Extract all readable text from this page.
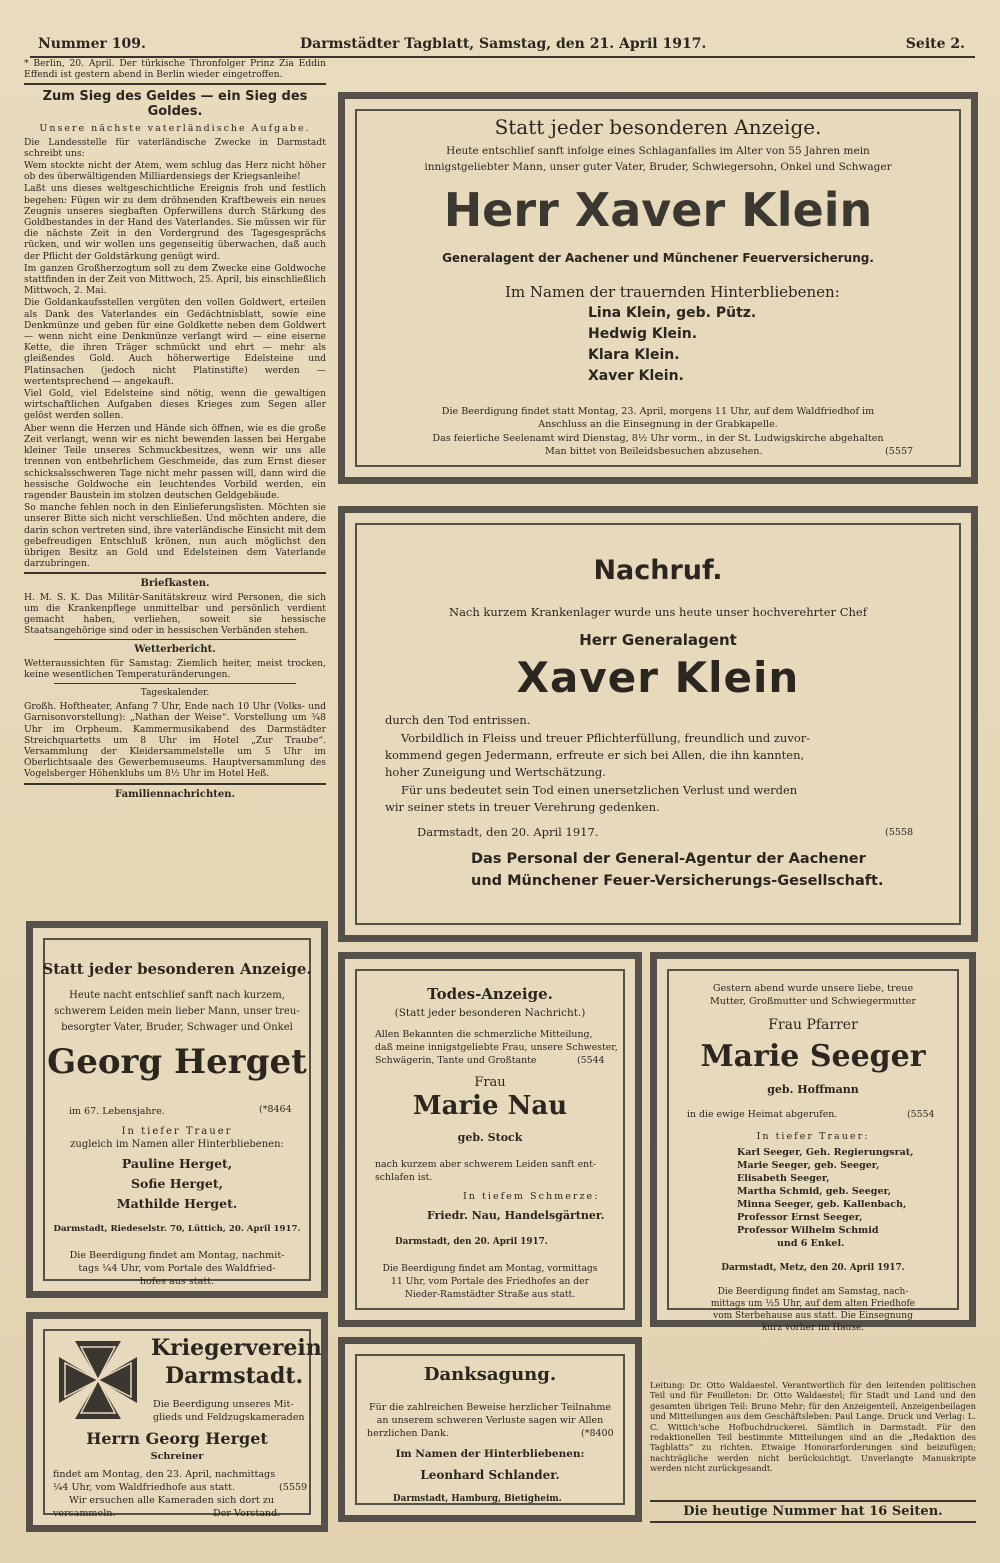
Nummer 109.	Darmstädter Tagblatt, Samstag, den 21. April 1917.	Seite 2.

* Berlin, 20. April. Der türkische Thronfolger Prinz Zia Eddin Effendi ist gestern abend in Berlin wieder eingetroffen.

Zum Sieg des Geldes — ein Sieg des Goldes.
Unsere nächste vaterländische Aufgabe.

Die Landesstelle für vaterländische Zwecke in Darmstadt schreibt uns:

Wem stockte nicht der Atem, wem schlug das Herz nicht höher ob des überwältigenden Milliardensiegs der Kriegsanleihe!

Laßt uns dieses weltgeschichtliche Ereignis froh und festlich begehen: Fügen wir zu dem dröhnenden Kraftbeweis ein neues Zeugnis unseres siegbaften Opferwillens durch Stärkung des Goldbestandes in der Hand des Vaterlandes. Sie müssen wir für die nächste Zeit in den Vordergrund des Tagesgesprächs rücken, und wir wollen uns gegenseitig überwachen, daß auch der Pflicht der Goldstärkung genügt wird.

Im ganzen Großherzogtum soll zu dem Zwecke eine Goldwoche stattfinden in der Zeit von Mittwoch, 25. April, bis einschließlich Mittwoch, 2. Mai.

Die Goldankaufsstellen vergüten den vollen Goldwert, erteilen als Dank des Vaterlandes ein Gedächtnisblatt, sowie eine Denkmünze und geben für eine Goldkette neben dem Goldwert — wenn nicht eine Denkmünze verlangt wird — eine eiserne Kette, die ihren Träger schmückt und ehrt — mehr als gleißendes Gold. Auch höherwertige Edelsteine und Platinsachen (jedoch nicht Platinstifte) werden — wertentsprechend — angekauft.

Viel Gold, viel Edelsteine sind nötig, wenn die gewaltigen wirtschaftlichen Aufgaben dieses Krieges zum Segen aller gelöst werden sollen.

Aber wenn die Herzen und Hände sich öffnen, wie es die große Zeit verlangt, wenn wir es nicht bewenden lassen bei Hergabe kleiner Teile unseres Schmuckbesitzes, wenn wir uns alle trennen von entbehrlichem Geschmeide, das zum Ernst dieser schicksalsschweren Tage nicht mehr passen will, dann wird die hessische Goldwoche ein leuchtendes Vorbild werden, ein ragender Baustein im stolzen deutschen Geldgebäude.

So manche fehlen noch in den Einlieferungslisten. Möchten sie unserer Bitte sich nicht verschließen. Und möchten andere, die darin schon vertreten sind, ihre vaterländische Einsicht mit dem gebefreudigen Entschluß krönen, nun auch möglichst den übrigen Besitz an Gold und Edelsteinen dem Vaterlande darzubringen.

Briefkasten.

H. M. S. K. Das Militär-Sanitätskreuz wird Personen, die sich um die Krankenpflege unmittelbar und persönlich verdient gemacht haben, verliehen, soweit sie hessische Staatsangehörige sind oder in hessischen Verbänden stehen.

Wetterbericht.

Wetteraussichten für Samstag: Ziemlich heiter, meist trocken, keine wesentlichen Temperaturänderungen.

Tageskalender.

Großh. Hoftheater, Anfang 7 Uhr, Ende nach 10 Uhr (Volks- und Garnisonvorstellung): „Nathan der Weise“. Vorstellung um ¾8 Uhr im Orpheum. Kammermusikabend des Darmstädter Streichquartetts um 8 Uhr im Hotel „Zur Traube“. Versammlung der Kleidersammelstelle um 5 Uhr im Oberlichtsaale des Gewerbemuseums. Hauptversammlung des Vogelsberger Höhenklubs um 8½ Uhr im Hotel Heß.

Familiennachrichten.
Statt jeder besonderen Anzeige.
Heute entschlief sanft infolge eines Schlaganfalles im Alter von 55 Jahren mein
innigstgeliebter Mann, unser guter Vater, Bruder, Schwiegersohn, Onkel und Schwager
Herr Xaver Klein
Generalagent der Aachener und Münchener Feuerversicherung.
Im Namen der trauernden Hinterbliebenen:
Lina Klein, geb. Pütz.
Hedwig Klein.
Klara Klein.
Xaver Klein.
Die Beerdigung findet statt Montag, 23. April, morgens 11 Uhr, auf dem Waldfriedhof im
Anschluss an die Einsegnung in der Grabkapelle.
Das feierliche Seelenamt wird Dienstag, 8½ Uhr vorm., in der St. Ludwigskirche abgehalten
Man bittet von Beileidsbesuchen abzusehen.	(5557
Nachruf.
Nach kurzem Krankenlager wurde uns heute unser hochverehrter Chef
Herr Generalagent
Xaver Klein
durch den Tod entrissen.
Vorbildlich in Fleiss und treuer Pflichterfüllung, freundlich und zuvor-
kommend gegen Jedermann, erfreute er sich bei Allen, die ihn kannten,
hoher Zuneigung und Wertschätzung.
Für uns bedeutet sein Tod einen unersetzlichen Verlust und werden
wir seiner stets in treuer Verehrung gedenken.
Darmstadt, den 20. April 1917.	(5558
Das Personal der General-Agentur der Aachener
und Münchener Feuer-Versicherungs-Gesellschaft.
Statt jeder besonderen Anzeige.
Heute nacht entschlief sanft nach kurzem,
schwerem Leiden mein lieber Mann, unser treu-
besorgter Vater, Bruder, Schwager und Onkel
Georg Herget
im 67. Lebensjahre.	(*8464
In tiefer Trauer
zugleich im Namen aller Hinterbliebenen:
Pauline Herget,
Sofie Herget,
Mathilde Herget.
Darmstadt, Riedeselstr. 70, Lüttich, 20. April 1917.
Die Beerdigung findet am Montag, nachmit-
tags ¼4 Uhr, vom Portale des Waldfried-
hofes aus statt.
Todes-Anzeige.
(Statt jeder besonderen Nachricht.)
Allen Bekannten die schmerzliche Mitteilung,
daß meine innigstgeliebte Frau, unsere Schwester,
Schwägerin, Tante und Großtante	(5544
Frau
Marie Nau
geb. Stock
nach kurzem aber schwerem Leiden sanft ent-
schlafen ist.
In tiefem Schmerze:
Friedr. Nau, Handelsgärtner.
Darmstadt, den 20. April 1917.
Die Beerdigung findet am Montag, vormittags
11 Uhr, vom Portale des Friedhofes an der
Nieder-Ramstädter Straße aus statt.
Gestern abend wurde unsere liebe, treue
Mutter, Großmutter und Schwiegermutter
Frau Pfarrer
Marie Seeger
geb. Hoffmann
in die ewige Heimat abgerufen.	(5554
In tiefer Trauer:
Karl Seeger, Geh. Regierungsrat,
Marie Seeger, geb. Seeger,
Elisabeth Seeger,
Martha Schmid, geb. Seeger,
Minna Seeger, geb. Kallenbach,
Professor Ernst Seeger,
Professor Wilhelm Schmid
und 6 Enkel.
Darmstadt, Metz, den 20. April 1917.
Die Beerdigung findet am Samstag, nach-
mittags um ½5 Uhr, auf dem alten Friedhofe
vom Sterbehause aus statt. Die Einsegnung
kurz vorher im Hause.
Kriegerverein
Darmstadt.
Die Beerdigung unseres Mit-
glieds und Feldzugskameraden
Herrn Georg Herget
Schreiner
findet am Montag, den 23. April, nachmittags
¼4 Uhr, vom Waldfriedhofe aus statt.	(5559
Wir ersuchen alle Kameraden sich dort zu
versammeln.	Der Vorstand.
Danksagung.
Für die zahlreichen Beweise herzlicher Teilnahme
an unserem schweren Verluste sagen wir Allen
herzlichen Dank.	(*8400
Im Namen der Hinterbliebenen:
Leonhard Schlander.
Darmstadt, Hamburg, Bietigheim.
Leitung: Dr. Otto Waldaestel. Verantwortlich für den leitenden politischen Teil und für Feuilleton: Dr. Otto Waldaestel; für Stadt und Land und den gesamten übrigen Teil: Bruno Mehr; für den Anzeigenteil, Anzeigenbeilagen und Mitteilungen aus dem Geschäftsleben: Paul Lange. Druck und Verlag: L. C. Wittich'sche Hofbuchdruckerei. Sämtlich in Darmstadt. Für den redaktionellen Teil bestimmte Mitteilungen sind an die „Redaktion des Tagblatts“ zu richten. Etwaige Honorarforderungen sind beizufügen; nachträgliche werden nicht berücksichtigt. Unverlangte Manuskripte werden nicht zurückgesandt.
Die heutige Nummer hat 16 Seiten.
